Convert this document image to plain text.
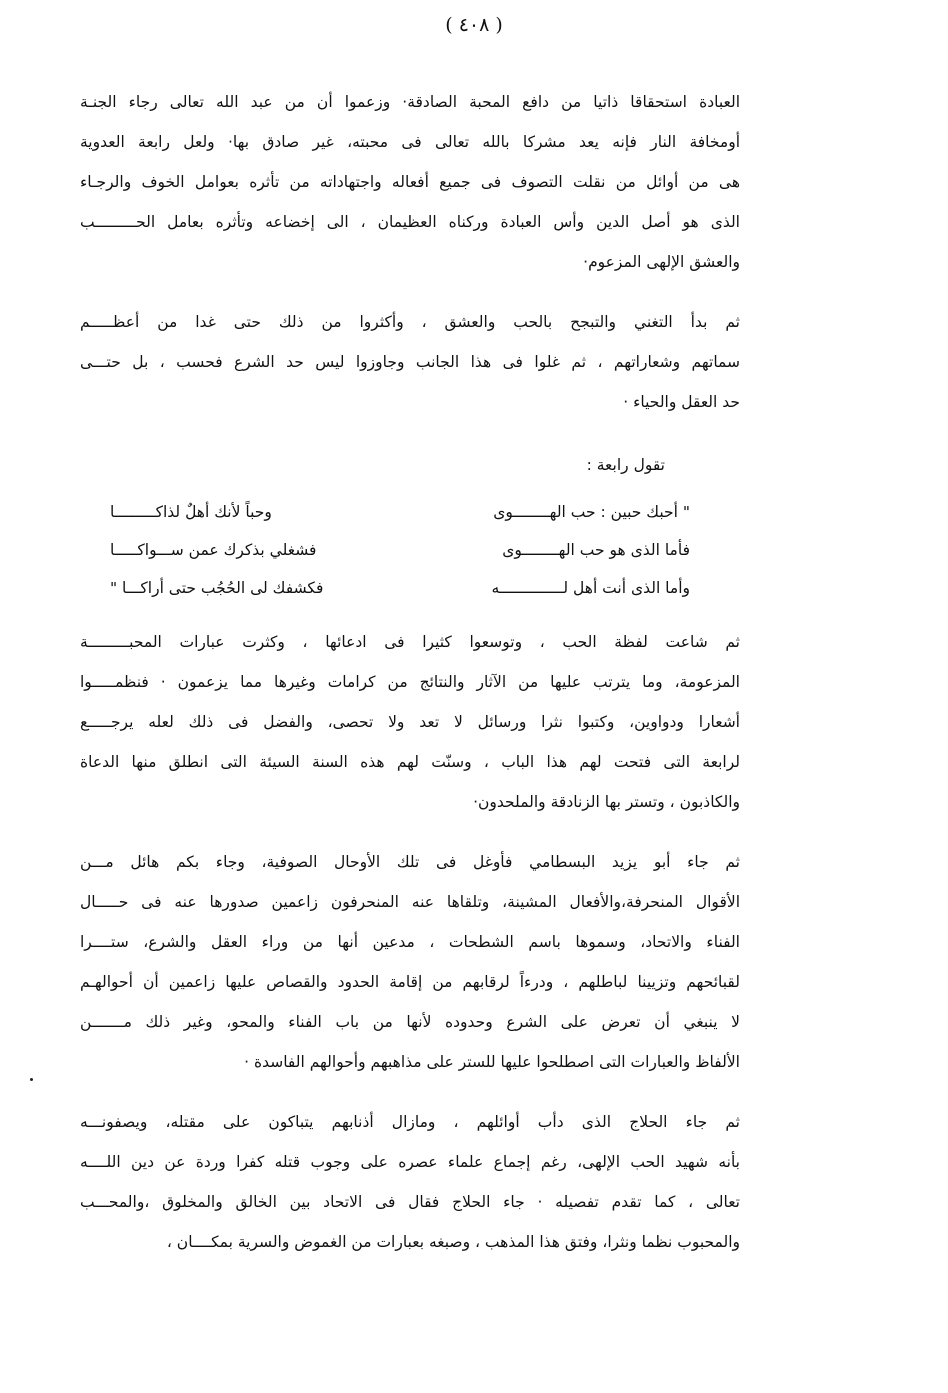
( ٤٠٨ )
العبادة استحقاقا ذاتيا من دافع المحبة الصادقة· وزعموا أن من عبد الله تعالى رجاء الجنـة
أومخافة النار فإنه يعد مشركا بالله تعالى فى محبته، غير صادق بها· ولعل رابعة العدوية
هى من أوائل من نقلت التصوف فى جميع أفعاله واجتهاداته من تأثره بعوامل الخوف والرجـاء
الذى هو أصل الدين وأس العبادة وركناه العظيمان ، الى إخضاعه وتأثره بعامل الحـــــــــب
والعشق الإلهى المزعوم·
ثم بدأ التغني والتبجح بالحب والعشق ، وأكثروا من ذلك حتى غدا من أعظـــــم
سماتهم وشعاراتهم ، ثم غلوا فى هذا الجانب وجاوزوا ليس حد الشرع فحسب ، بل حتـــى
حد العقل والحياء ·
تقول رابعة :
" أحبك حبين : حب الهــــــــوى
وحباً لأنك أهلٌ لذاكـــــــــا
فأما الذى هو حب الهــــــــوى
فشغلي بذكرك عمن ســـواكـــــا
وأما الذى أنت أهل لــــــــــــــه
فكشفك لى الحُجُب حتى أراكـــا "
ثم شاعت لفظة الحب ، وتوسعوا كثيرا فى ادعائها ، وكثرت عبارات المحبـــــــــة
المزعومة، وما يترتب عليها من الآثار والنتائج من كرامات وغيرها مما يزعمون · فنظمـــــوا
أشعارا ودواوين، وكتبوا نثرا ورسائل لا تعد ولا تحصى، والفضل فى ذلك لعله يرجـــــع
لرابعة التى فتحت لهم هذا الباب ، وسنّت لهم هذه السنة السيئة التى انطلق منها الدعاة
والكاذبون ، وتستر بها الزنادقة والملحدون·
ثم جاء أبو يزيد البسطامي فأوغل فى تلك الأوحال الصوفية، وجاء بكم هائل مـــن
الأقوال المنحرفة،والأفعال المشينة، وتلقاها عنه المنحرفون زاعمين صدورها عنه فى حـــــال
الفناء والاتحاد، وسموها باسم الشطحات ، مدعين أنها من وراء العقل والشرع، ستــــرا
لقبائحهم وتزيينا لباطلهم ، ودرءاً لرقابهم من إقامة الحدود والقصاص عليها زاعمين أن أحوالهـم
لا ينبغي أن تعرض على الشرع وحدوده لأنها من باب الفناء والمحو، وغير ذلك مـــــــن
الألفاظ والعبارات التى اصطلحوا عليها للستر على مذاهبهم وأحوالهم الفاسدة ·
ثم جاء الحلاج الذى دأب أوائلهم ، ومازال أذنابهم يتباكون على مقتله، ويصفونـــه
بأنه شهيد الحب الإلهى، رغم إجماع علماء عصره على وجوب قتله كفرا وردة عن دين اللــــه
تعالى ، كما تقدم تفصيله · جاء الحلاج فقال فى الاتحاد بين الخالق والمخلوق ،والمحـــب
والمحبوب نظما ونثرا، وفتق هذا المذهب ، وصبغه بعبارات من الغموض والسرية بمكــــان ،
